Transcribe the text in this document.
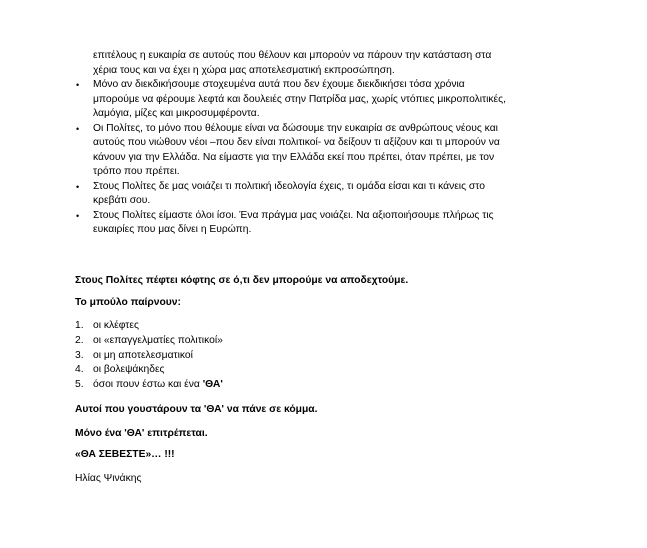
επιτέλους η ευκαιρία σε αυτούς που θέλουν και μπορούν να πάρουν την κατάσταση στα
χέρια τους και να έχει η χώρα μας αποτελεσματική εκπροσώπηση.
• Μόνο αν διεκδικήσουμε στοχευμένα αυτά που δεν έχουμε διεκδικήσει τόσα χρόνια
μπορούμε να φέρουμε λεφτά και δουλειές στην Πατρίδα μας, χωρίς ντόπιες μικροπολιτικές,
λαμόγια, μίζες και μικροσυμφέροντα.
• Οι Πολίτες, το μόνο που θέλουμε είναι να δώσουμε την ευκαιρία σε ανθρώπους νέους και
αυτούς που νιώθουν νέοι –που δεν είναι πολιτικοί- να δείξουν τι αξίζουν και τι μπορούν να
κάνουν για την Ελλάδα. Να είμαστε για την Ελλάδα εκεί που πρέπει, όταν πρέπει, με τον
τρόπο που πρέπει.
• Στους Πολίτες δε μας νοιάζει τι πολιτική ιδεολογία έχεις, τι ομάδα είσαι και τι κάνεις στο
κρεβάτι σου.
• Στους Πολίτες είμαστε όλοι ίσοι. Ένα πράγμα μας νοιάζει. Να αξιοποιήσουμε πλήρως τις
ευκαιρίες που μας δίνει η Ευρώπη.
Στους Πολίτες πέφτει κόφτης σε ό,τι δεν μπορούμε να αποδεχτούμε.
Το μπούλο παίρνουν:
1. οι κλέφτες
2. οι «επαγγελματίες πολιτικοί»
3. οι μη αποτελεσματικοί
4. οι βολεψάκηδες
5. όσοι πουν έστω και ένα 'ΘΑ'
Αυτοί που γουστάρουν τα 'ΘΑ' να πάνε σε κόμμα.
Μόνο ένα 'ΘΑ' επιτρέπεται.
«ΘΑ ΣΕΒΕΣΤΕ»… !!!
Ηλίας Ψινάκης
